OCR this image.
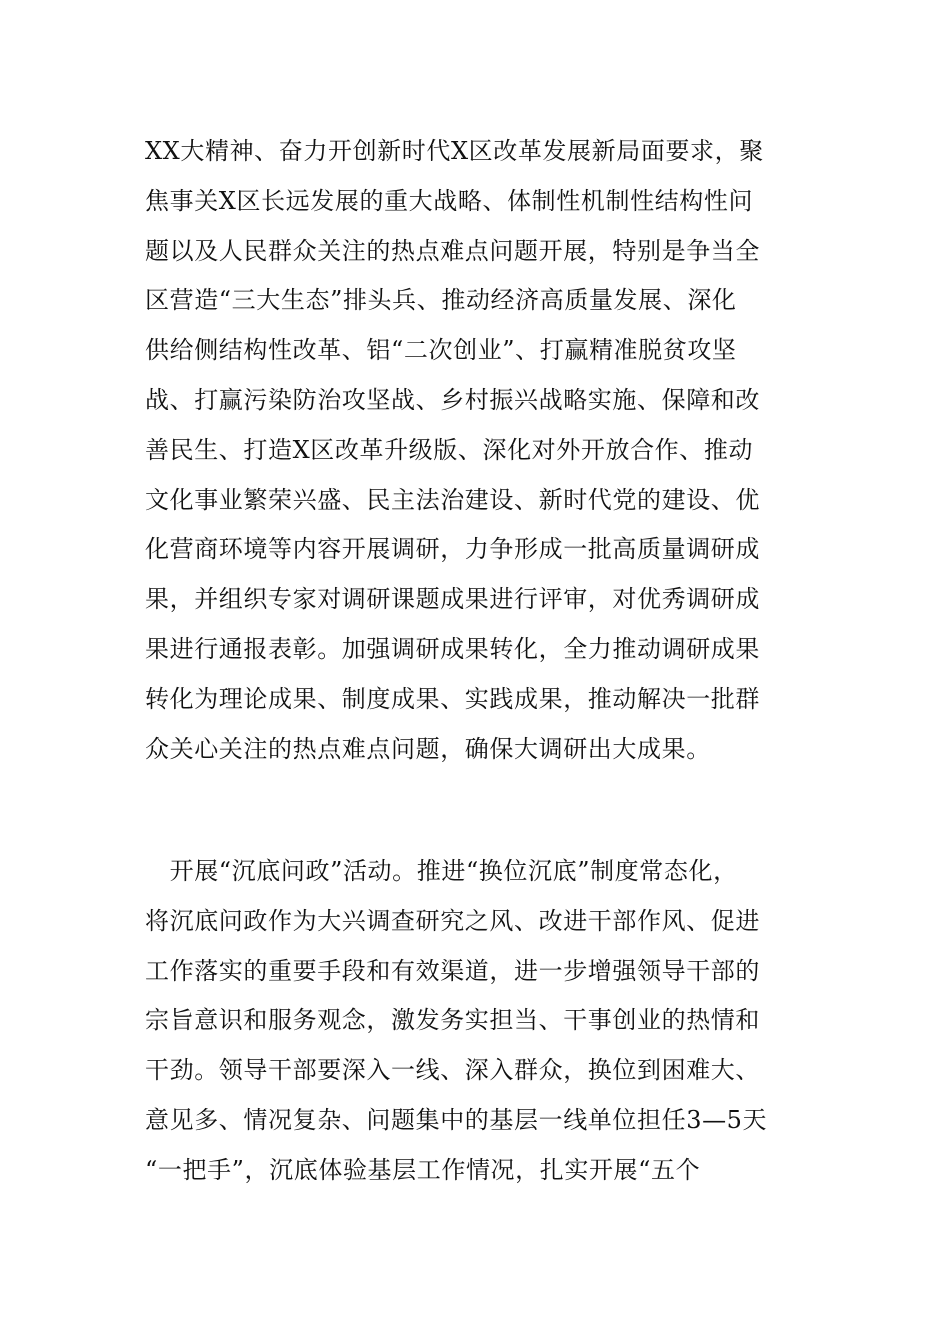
XX大精神、奋力开创新时代X区改革发展新局面要求，聚
焦事关X区长远发展的重大战略、体制性机制性结构性问
题以及人民群众关注的热点难点问题开展，特别是争当全
区营造“三大生态”排头兵、推动经济高质量发展、深化
供给侧结构性改革、铝“二次创业”、打赢精准脱贫攻坚
战、打赢污染防治攻坚战、乡村振兴战略实施、保障和改
善民生、打造X区改革升级版、深化对外开放合作、推动
文化事业繁荣兴盛、民主法治建设、新时代党的建设、优
化营商环境等内容开展调研，力争形成一批高质量调研成
果，并组织专家对调研课题成果进行评审，对优秀调研成
果进行通报表彰。加强调研成果转化，全力推动调研成果
转化为理论成果、制度成果、实践成果，推动解决一批群
众关心关注的热点难点问题，确保大调研出大成果。
　开展“沉底问政”活动。推进“换位沉底”制度常态化，
将沉底问政作为大兴调查研究之风、改进干部作风、促进
工作落实的重要手段和有效渠道，进一步增强领导干部的
宗旨意识和服务观念，激发务实担当、干事创业的热情和
干劲。领导干部要深入一线、深入群众，换位到困难大、
意见多、情况复杂、问题集中的基层一线单位担任3—5天
“一把手”，沉底体验基层工作情况，扎实开展“五个
